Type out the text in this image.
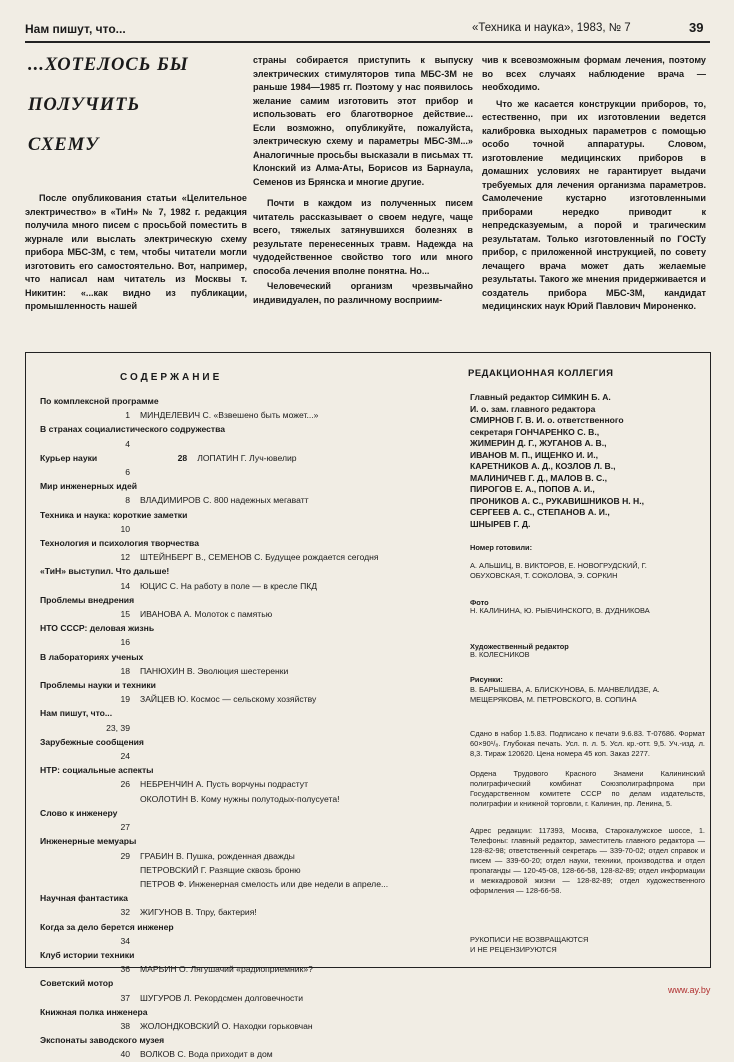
Нам пишут, что...	«Техника и наука», 1983, № 7	39
...ХОТЕЛОСЬ БЫ
ПОЛУЧИТЬ
СХЕМУ

После опубликования статьи «Целительное электричество» в «ТиН» № 7, 1982 г. редакция получила много писем с просьбой поместить в журнале или выслать электрическую схему прибора МБС-3М, с тем, чтобы читатели могли изготовить его самостоятельно. Вот, например, что написал нам читатель из Москвы т. Никитин: «...как видно из публикации, промышленность нашей

страны собирается приступить к выпуску электрических стимуляторов типа МБС-3М не раньше 1984—1985 гг. Поэтому у нас появилось желание самим изготовить этот прибор и использовать его благотворное действие... Если возможно, опубликуйте, пожалуйста, электрическую схему и параметры МБС-3М...» Аналогичные просьбы высказали в письмах тт. Клонский из Алма-Аты, Борисов из Барнаула, Семенов из Брянска и многие другие.

Почти в каждом из полученных писем читатель рассказывает о своем недуге, чаще всего, тяжелых затянувшихся болезнях в результате перенесенных травм. Надежда на чудодейственное свойство того или много способа лечения вполне понятна. Но...

Человеческий организм чрезвычайно индивидуален, по различному восприим-

чив к всевозможным формам лечения, поэтому во всех случаях наблюдение врача — необходимо.

Что же касается конструкции приборов, то, естественно, при их изготовлении ведется калибровка выходных параметров с помощью особо точной аппаратуры. Словом, изготовление медицинских приборов в домашних условиях не гарантирует выдачи требуемых для лечения организма параметров. Самолечение кустарно изготовленными приборами нередко приводит к непредсказуемым, а порой и трагическим результатам. Только изготовленный по ГОСТу прибор, с приложенной инструкцией, по совету лечащего врача может дать желаемые результаты. Такого же мнения придерживается и создатель прибора МБС-3М, кандидат медицинских наук Юрий Павлович Мироненко.

СОДЕРЖАНИЕ
По комплексной программе
1 МИНДЕЛЕВИЧ С. «Взвешено быть может...»
В странах социалистического содружества
4
Курьер науки	28 ЛОПАТИН Г. Луч-ювелир
6
Мир инженерных идей
8 ВЛАДИМИРОВ С. 800 надежных мегаватт
Техника и наука: короткие заметки
10
Технология и психология творчества
12 ШТЕЙНБЕРГ В., СЕМЕНОВ С. Будущее рождается сегодня
«ТиН» выступил. Что дальше!
14 ЮЦИС С. На работу в поле — в кресле ПКД
Проблемы внедрения
15 ИВАНОВА А. Молоток с памятью
НТО СССР: деловая жизнь
16
В лабораториях ученых
18 ПАНЮХИН В. Эволюция шестеренки
Проблемы науки и техники
19 ЗАЙЦЕВ Ю. Космос — сельскому хозяйству
Нам пишут, что...
23, 39
Зарубежные сообщения
24
НТР: социальные аспекты
26 НЕБРЕНЧИН А. Пусть ворчуны подрастут
ОКОЛОТИН В. Кому нужны полутодых-полусуета!
Слово к инженеру
27
Инженерные мемуары
29 ГРАБИН В. Пушка, рожденная дважды
ПЕТРОВСКИЙ Г. Разящие сквозь броню
ПЕТРОВ Ф. Инженерная смелость или две недели в апреле...
Научная фантастика
32 ЖИГУНОВ В. Тпру, бактерия!
Когда за дело берется инженер
34
Клуб истории техники
36 МАРЬИН О. Лягушачий «радиоприемник»?
Советский мотор
37 ШУГУРОВ Л. Рекордсмен долговечности
Книжная полка инженера
38 ЖОЛОНДКОВСКИЙ О. Находки горьковчан
Экспонаты заводского музея
40 ВОЛКОВ С. Вода приходит в дом
РЕДАКЦИОННАЯ КОЛЛЕГИЯ
Главный редактор СИМКИН Б. А.
И. о. зам. главного редактора
СМИРНОВ Г. В. И. о. ответственного
секретаря ГОНЧАРЕНКО С. В.,
ЖИМЕРИН Д. Г., ЖУГАНОВ А. В.,
ИВАНОВ М. П., ИЩЕНКО И. И.,
КАРЕТНИКОВ А. Д., КОЗЛОВ Л. В.,
МАЛИНИЧЕВ Г. Д., МАЛОВ В. С.,
ПИРОГОВ Е. А., ПОПОВ А. И.,
ПРОНИКОВ А. С., РУКАВИШНИКОВ Н. Н.,
СЕРГЕЕВ А. С., СТЕПАНОВ А. И.,
ШНЫРЕВ Г. Д.
Номер готовили:
А. АЛЬШИЦ, В. ВИКТОРОВ, Е. НОВОГРУДСКИЙ, Г. ОБУХОВСКАЯ, Т. СОКОЛОВА, Э. СОРКИН
Фото
Н. КАЛИНИНА, Ю. РЫБЧИНСКОГО, В. ДУДНИКОВА
Художественный редактор
В. КОЛЕСНИКОВ
Рисунки:
В. БАРЫШЕВА, А. БЛИСКУНОВА, Б. МАНВЕЛИДЗЕ, А. МЕЩЕРЯКОВА, М. ПЕТРОВСКОГО, В. СОПИНА
Сдано в набор 1.5.83. Подписано к печати 9.6.83. Т-07686. Формат 60×90¹/₈. Глубокая печать. Усл. п. л. 5. Усл. кр.-отт. 9,5. Уч.-изд. л. 8,3. Тираж 120620. Цена номера 45 коп. Заказ 2277.
Ордена Трудового Красного Знамени Калининский полиграфический комбинат Союзполиграфпрома при Государственном комитете СССР по делам издательств, полиграфии и книжной торговли, г. Калинин, пр. Ленина, 5.
Адрес редакции: 117393, Москва, Старокалужское шоссе, 1. Телефоны: главный редактор, заместитель главного редактора — 128-82-98; ответственный секретарь — 339-70-02; отдел справок и писем — 339-60-20; отдел науки, техники, производства и отдел пропаганды — 120-45-08, 128-66-58, 128-82-89; отдел информации и межкадровой жизни — 128-82-89; отдел художественного оформления — 128-66-58.
РУКОПИСИ НЕ ВОЗВРАЩАЮТСЯ
И НЕ РЕЦЕНЗИРУЮТСЯ
www.ay.by
